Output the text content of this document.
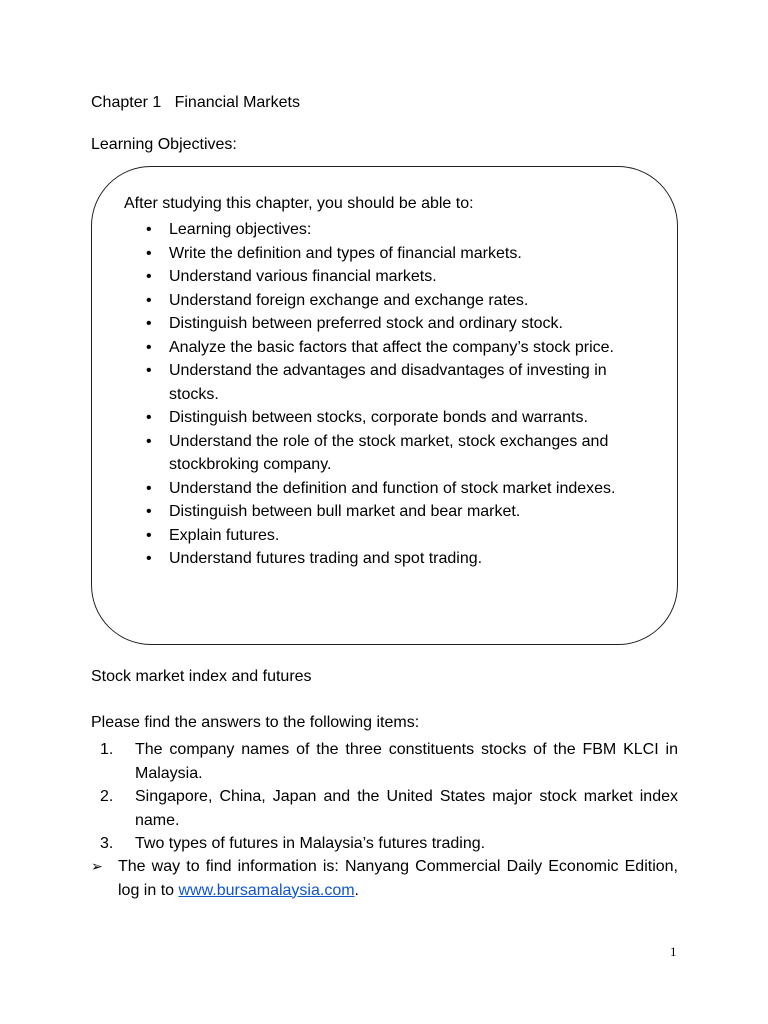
Chapter 1   Financial Markets
Learning Objectives:
After studying this chapter, you should be able to:
• Learning objectives:
• Write the definition and types of financial markets.
• Understand various financial markets.
• Understand foreign exchange and exchange rates.
• Distinguish between preferred stock and ordinary stock.
• Analyze the basic factors that affect the company’s stock price.
• Understand the advantages and disadvantages of investing in stocks.
• Distinguish between stocks, corporate bonds and warrants.
• Understand the role of the stock market, stock exchanges and stockbroking company.
• Understand the definition and function of stock market indexes.
• Distinguish between bull market and bear market.
• Explain futures.
• Understand futures trading and spot trading.
Stock market index and futures
Please find the answers to the following items:
1. The company names of the three constituents stocks of the FBM KLCI in Malaysia.
2. Singapore, China, Japan and the United States major stock market index name.
3. Two types of futures in Malaysia’s futures trading.
➢ The way to find information is: Nanyang Commercial Daily Economic Edition, log in to www.bursamalaysia.com.
1
